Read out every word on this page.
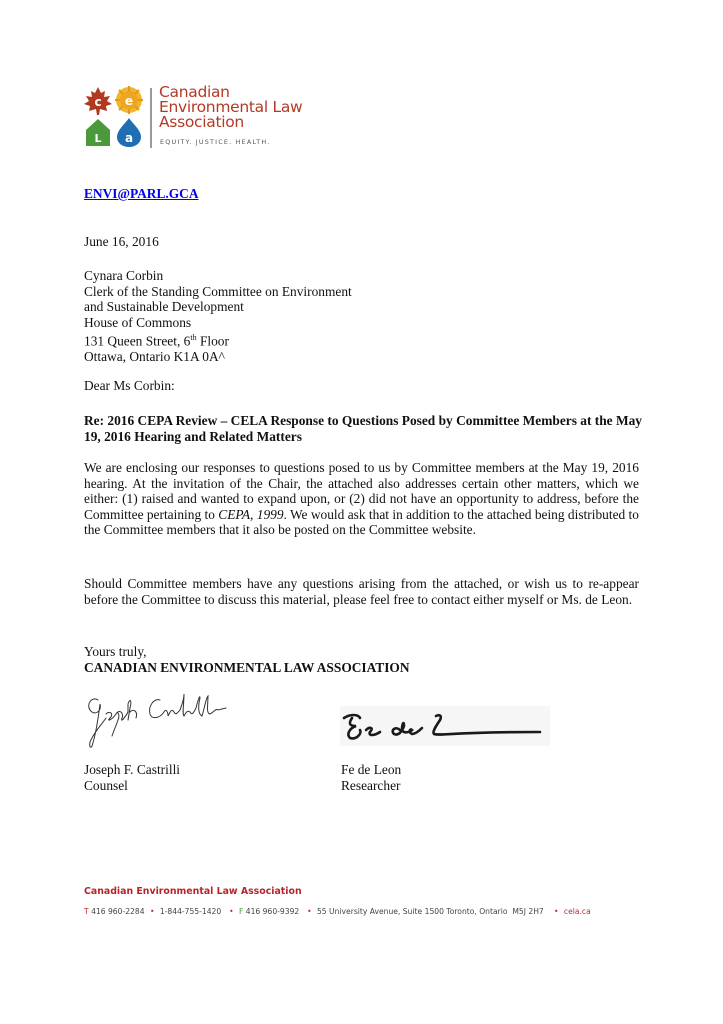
c e
L a
Canadian
Environmental Law
Association
EQUITY. JUSTICE. HEALTH.
ENVI@PARL.GCA
June 16, 2016
Cynara Corbin
Clerk of the Standing Committee on Environment
and Sustainable Development
House of Commons
131 Queen Street, 6th Floor
Ottawa, Ontario K1A 0A^
Dear Ms Corbin:
Re: 2016 CEPA Review – CELA Response to Questions Posed by Committee Members at the May 19, 2016 Hearing and Related Matters
We are enclosing our responses to questions posed to us by Committee members at the May 19, 2016 hearing. At the invitation of the Chair, the attached also addresses certain other matters, which we either: (1) raised and wanted to expand upon, or (2) did not have an opportunity to address, before the Committee pertaining to CEPA, 1999. We would ask that in addition to the attached being distributed to the Committee members that it also be posted on the Committee website.
Should Committee members have any questions arising from the attached, or wish us to re-appear before the Committee to discuss this material, please feel free to contact either myself or Ms. de Leon.
Yours truly,
CANADIAN ENVIRONMENTAL LAW ASSOCIATION
Joseph F. Castrilli
Counsel
Fe de Leon
Researcher
Canadian Environmental Law Association
T 416 960-2284 • 1-844-755-1420 • F 416 960-9392 • 55 University Avenue, Suite 1500 Toronto, Ontario  M5J 2H7 • cela.ca
